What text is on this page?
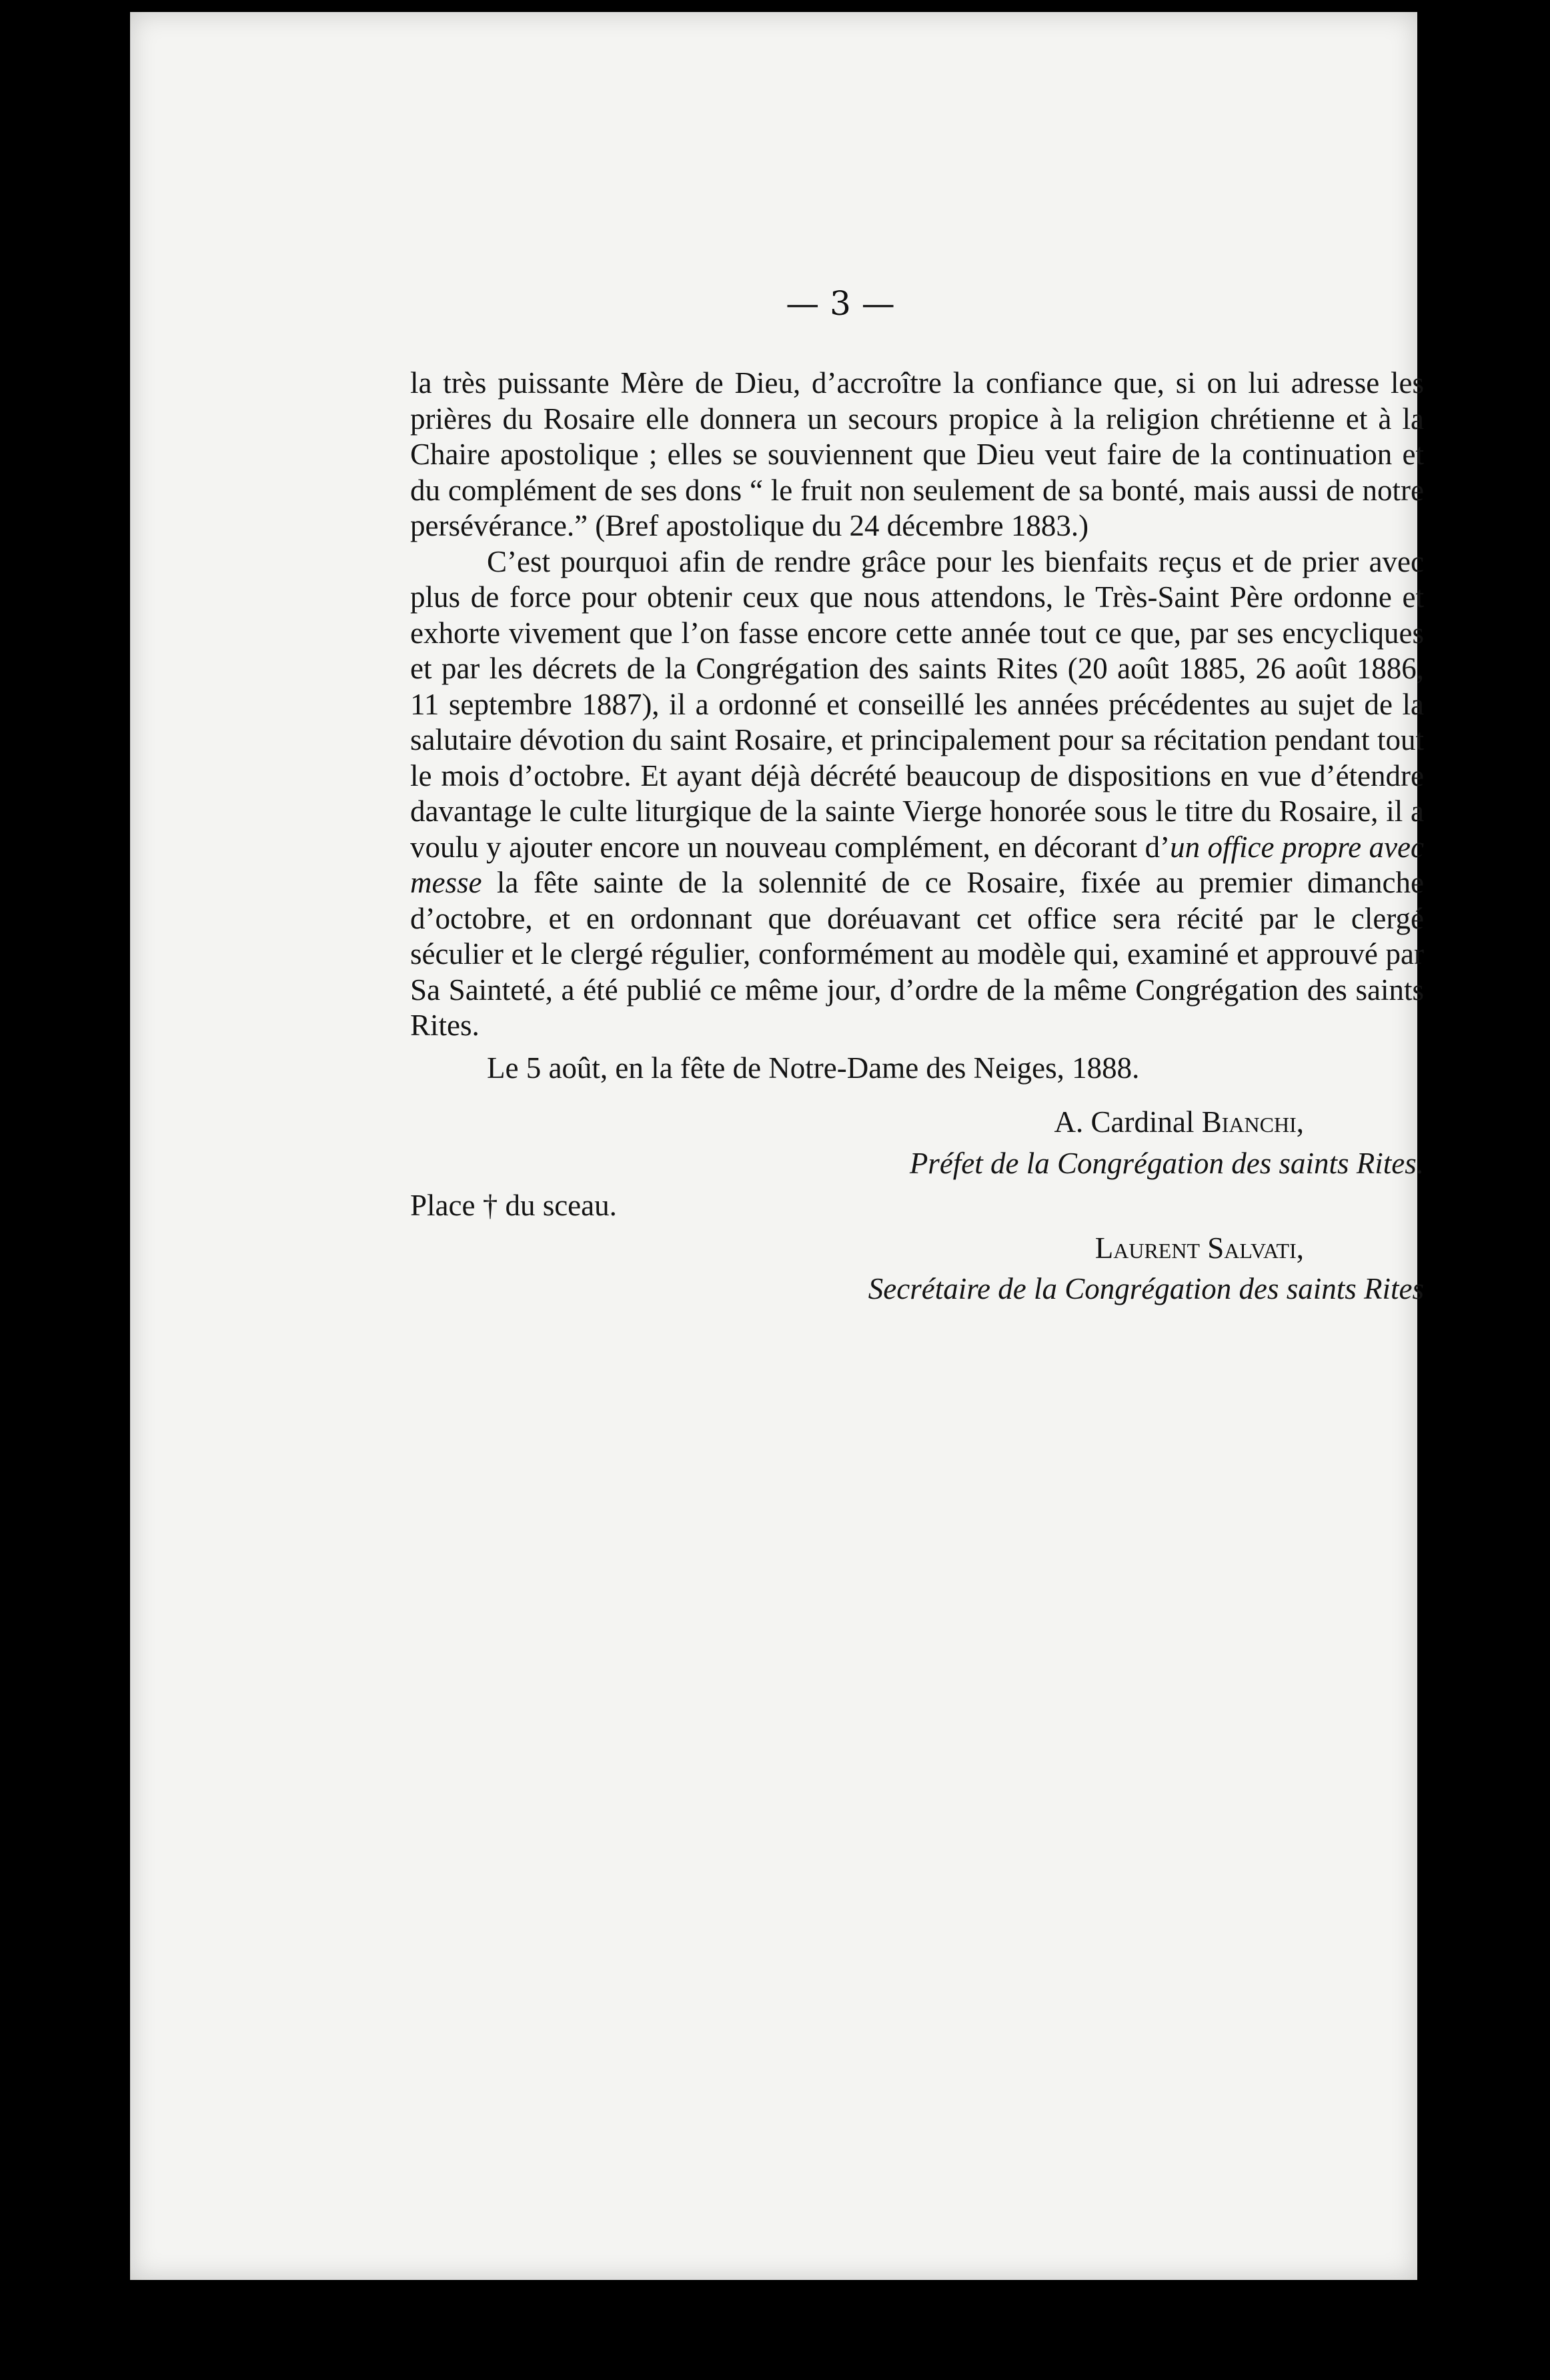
— 3 —

la très puissante Mère de Dieu, d’accroître la confiance que, si on lui adresse les prières du Rosaire elle donnera un secours propice à la religion chrétienne et à la Chaire apostolique ; elles se souviennent que Dieu veut faire de la continuation et du complément de ses dons “ le fruit non seulement de sa bonté, mais aussi de notre persévérance.” (Bref apostolique du 24 décembre 1883.)

C’est pourquoi afin de rendre grâce pour les bienfaits reçus et de prier avec plus de force pour obtenir ceux que nous attendons, le Très-Saint Père ordonne et exhorte vivement que l’on fasse encore cette année tout ce que, par ses encycliques et par les décrets de la Congrégation des saints Rites (20 août 1885, 26 août 1886, 11 septembre 1887), il a ordonné et conseillé les années précédentes au sujet de la salutaire dévotion du saint Rosaire, et principalement pour sa récitation pendant tout le mois d’octobre. Et ayant déjà décrété beaucoup de dispositions en vue d’étendre davantage le culte liturgique de la sainte Vierge honorée sous le titre du Rosaire, il a voulu y ajouter encore un nouveau complément, en décorant d’un office propre avec messe la fête sainte de la solennité de ce Rosaire, fixée au premier dimanche d’octobre, et en ordonnant que doréuavant cet office sera récité par le clergé séculier et le clergé régulier, conformément au modèle qui, examiné et approuvé par Sa Sainteté, a été publié ce même jour, d’ordre de la même Congrégation des saints Rites.

Le 5 août, en la fête de Notre-Dame des Neiges, 1888.

A. Cardinal Bianchi,

Préfet de la Congrégation des saints Rites.

Place † du sceau.

Laurent Salvati,

Secrétaire de la Congrégation des saints Rites
